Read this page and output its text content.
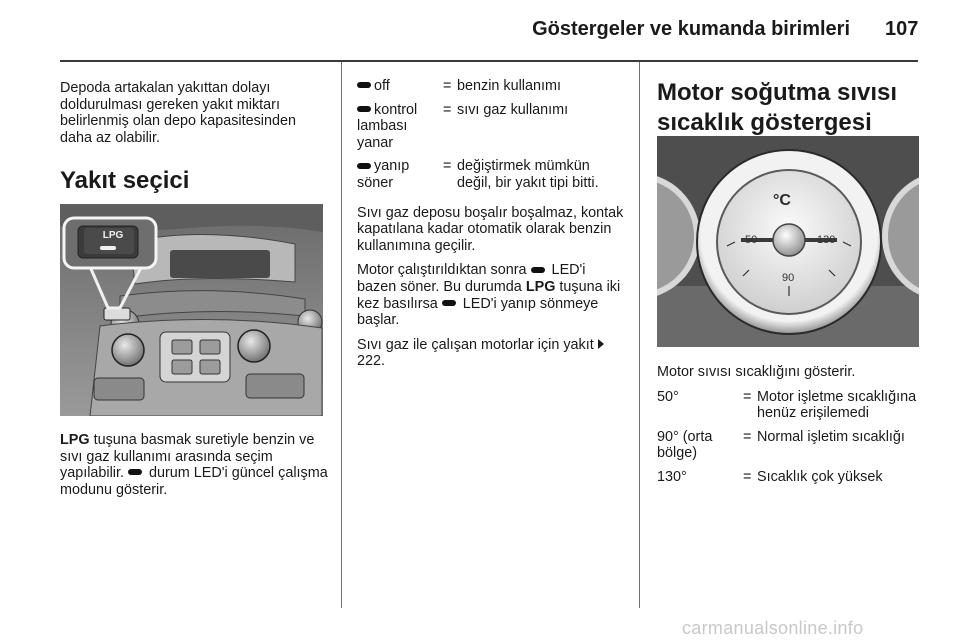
Göstergeler ve kumanda birimleri 107

Depoda artakalan yakıttan dolayı doldurulması gereken yakıt miktarı belirlenmiş olan depo kapasitesinden daha az olabilir.

Yakıt seçici
LPG

LPG tuşuna basmak suretiyle benzin ve sıvı gaz kullanımı arasında seçim yapılabilir.  durum LED'i güncel çalışma modunu gösterir.

off	=	benzin kullanımı
kontrol lambası yanar	=	sıvı gaz kullanımı
yanıp söner	=	değiştirmek mümkün değil, bir yakıt tipi bitti.

Sıvı gaz deposu boşalır boşalmaz, kontak kapatılana kadar otomatik olarak benzin kullanımına geçilir.

Motor çalıştırıldıktan sonra  LED'i bazen söner. Bu durumda LPG tuşuna iki kez basılırsa  LED'i yanıp sönmeye başlar.

Sıvı gaz ile çalışan motorlar için yakıt 222.

Motor soğutma sıvısı sıcaklık göstergesi
°C
50
90
130

Motor sıvısı sıcaklığını gösterir.

50°	=	Motor işletme sıcaklığına henüz erişilemedi
90° (orta bölge)	=	Normal işletim sıcaklığı
130°	=	Sıcaklık çok yüksek
carmanualsonline.info
